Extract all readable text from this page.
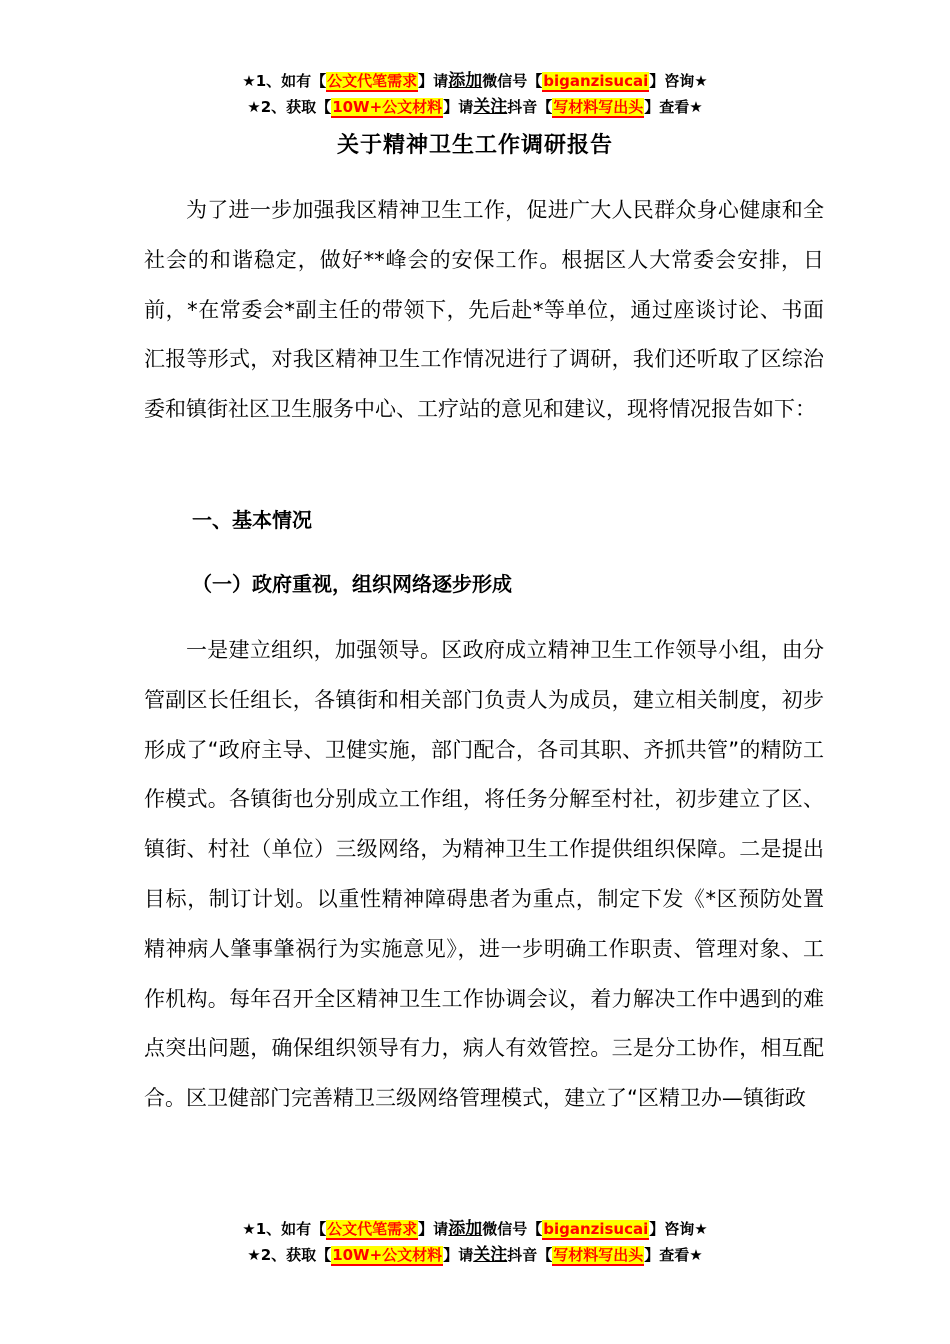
★1、如有【公文代笔需求】请添加微信号【biganzisucai】咨询★
★2、获取【10W+公文材料】请关注抖音【写材料写出头】查看★
关于精神卫生工作调研报告
为了进一步加强我区精神卫生工作，促进广大人民群众身心健康和全社会的和谐稳定，做好**峰会的安保工作。根据区人大常委会安排，日前，*在常委会*副主任的带领下，先后赴*等单位，通过座谈讨论、书面汇报等形式，对我区精神卫生工作情况进行了调研，我们还听取了区综治委和镇街社区卫生服务中心、工疗站的意见和建议，现将情况报告如下：
一、基本情况
（一）政府重视，组织网络逐步形成
一是建立组织，加强领导。区政府成立精神卫生工作领导小组，由分管副区长任组长，各镇街和相关部门负责人为成员，建立相关制度，初步形成了“政府主导、卫健实施，部门配合，各司其职、齐抓共管”的精防工作模式。各镇街也分别成立工作组，将任务分解至村社，初步建立了区、镇街、村社（单位）三级网络，为精神卫生工作提供组织保障。二是提出目标，制订计划。以重性精神障碍患者为重点，制定下发《*区预防处置精神病人肇事肇祸行为实施意见》，进一步明确工作职责、管理对象、工作机构。每年召开全区精神卫生工作协调会议，着力解决工作中遇到的难点突出问题，确保组织领导有力，病人有效管控。三是分工协作，相互配合。区卫健部门完善精卫三级网络管理模式，建立了“区精卫办—镇街政
★1、如有【公文代笔需求】请添加微信号【biganzisucai】咨询★
★2、获取【10W+公文材料】请关注抖音【写材料写出头】查看★
